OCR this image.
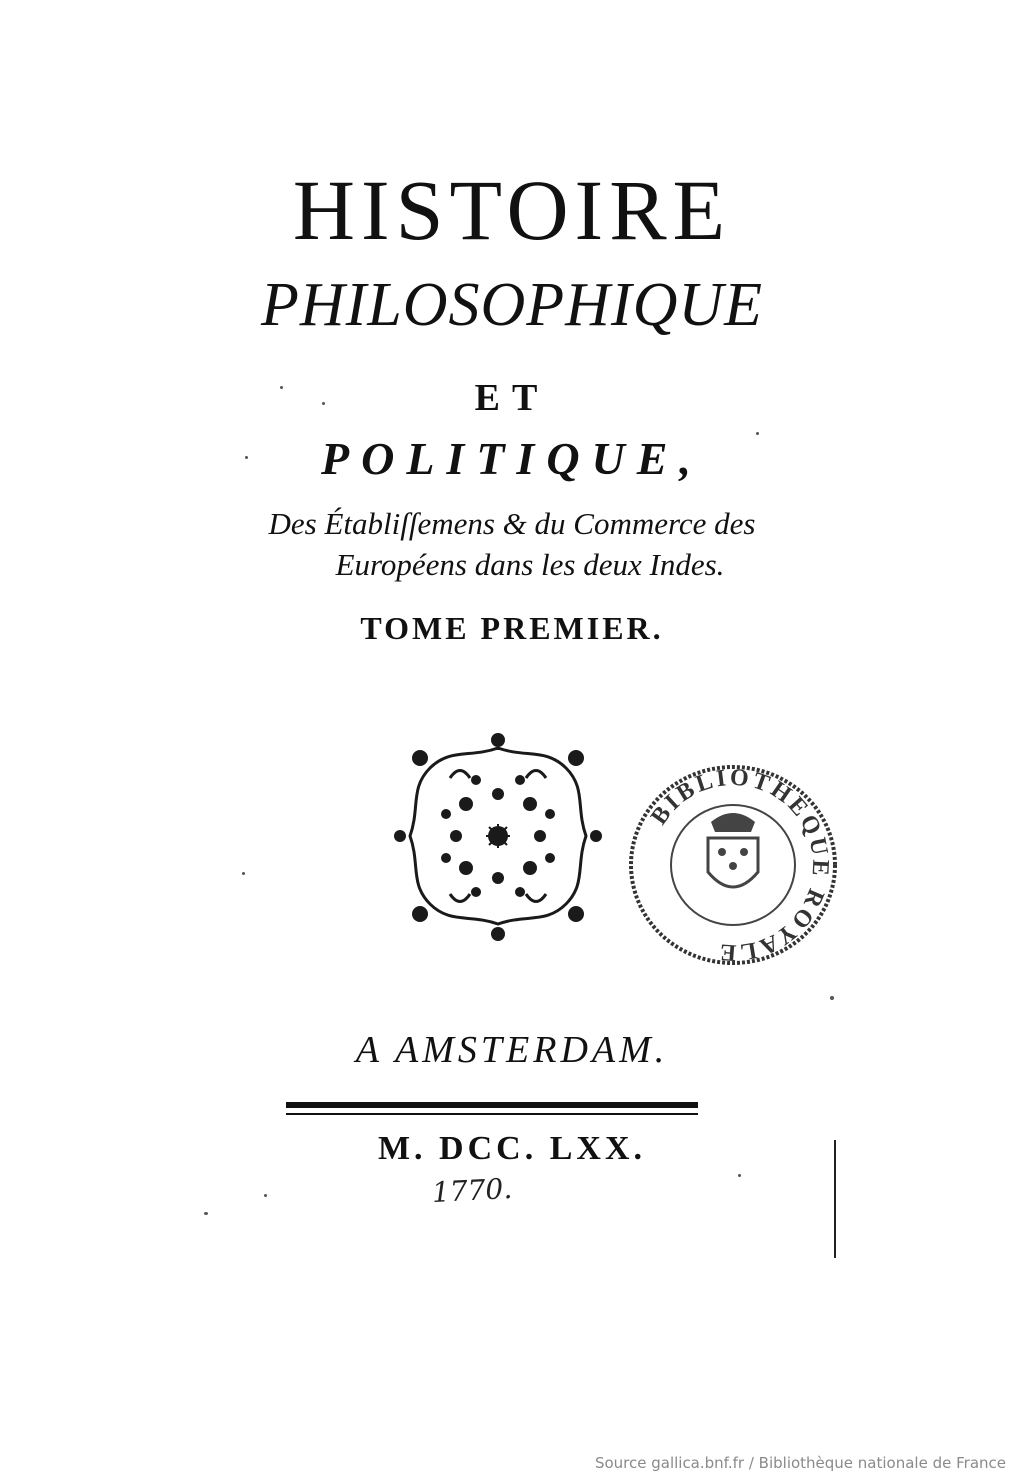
HISTOIRE
PHILOSOPHIQUE
ET
POLITIQUE,
Des Établiſſemens & du Commerce des
Européens dans les deux Indes.
TOME PREMIER.
BIBLIOTHEQUE ROYALE
A AMSTERDAM.
M. DCC. LXX.
1770.
Source gallica.bnf.fr / Bibliothèque nationale de France
